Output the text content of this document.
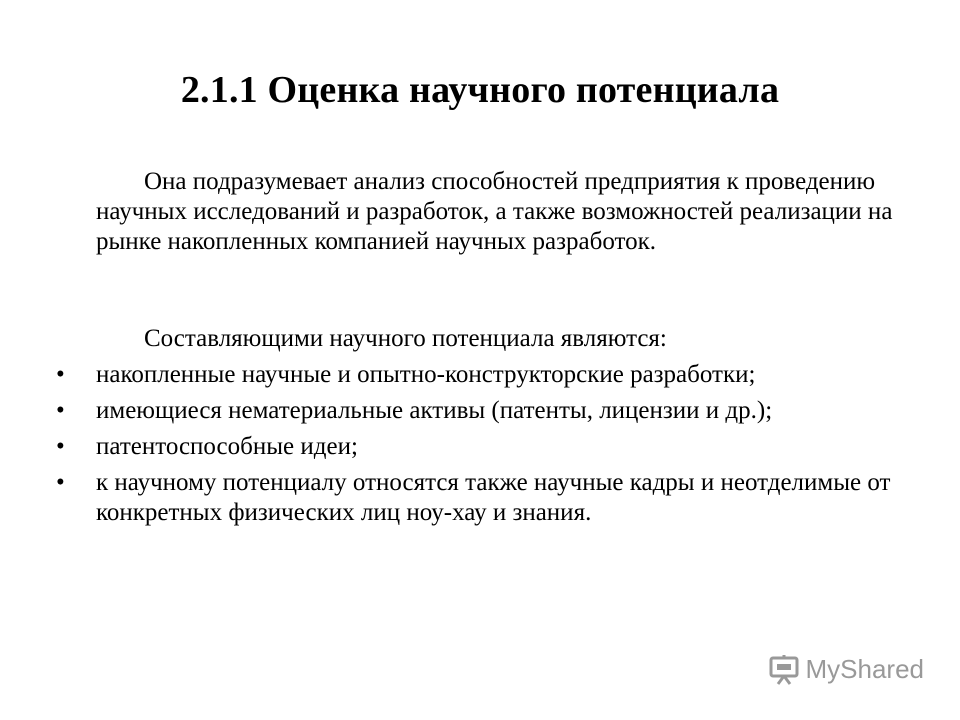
2.1.1 Оценка научного потенциала
Она подразумевает анализ способностей предприятия к проведению научных исследований и разработок, а также возможностей реализации на рынке накопленных компанией научных разработок.
Составляющими научного потенциала являются:
•	накопленные научные и опытно-конструкторские разработки;
•	имеющиеся нематериальные активы (патенты, лицензии и др.);
•	патентоспособные идеи;
•	к научному потенциалу относятся также научные кадры и неотделимые от конкретных физических лиц ноу-хау и знания.
MyShared
